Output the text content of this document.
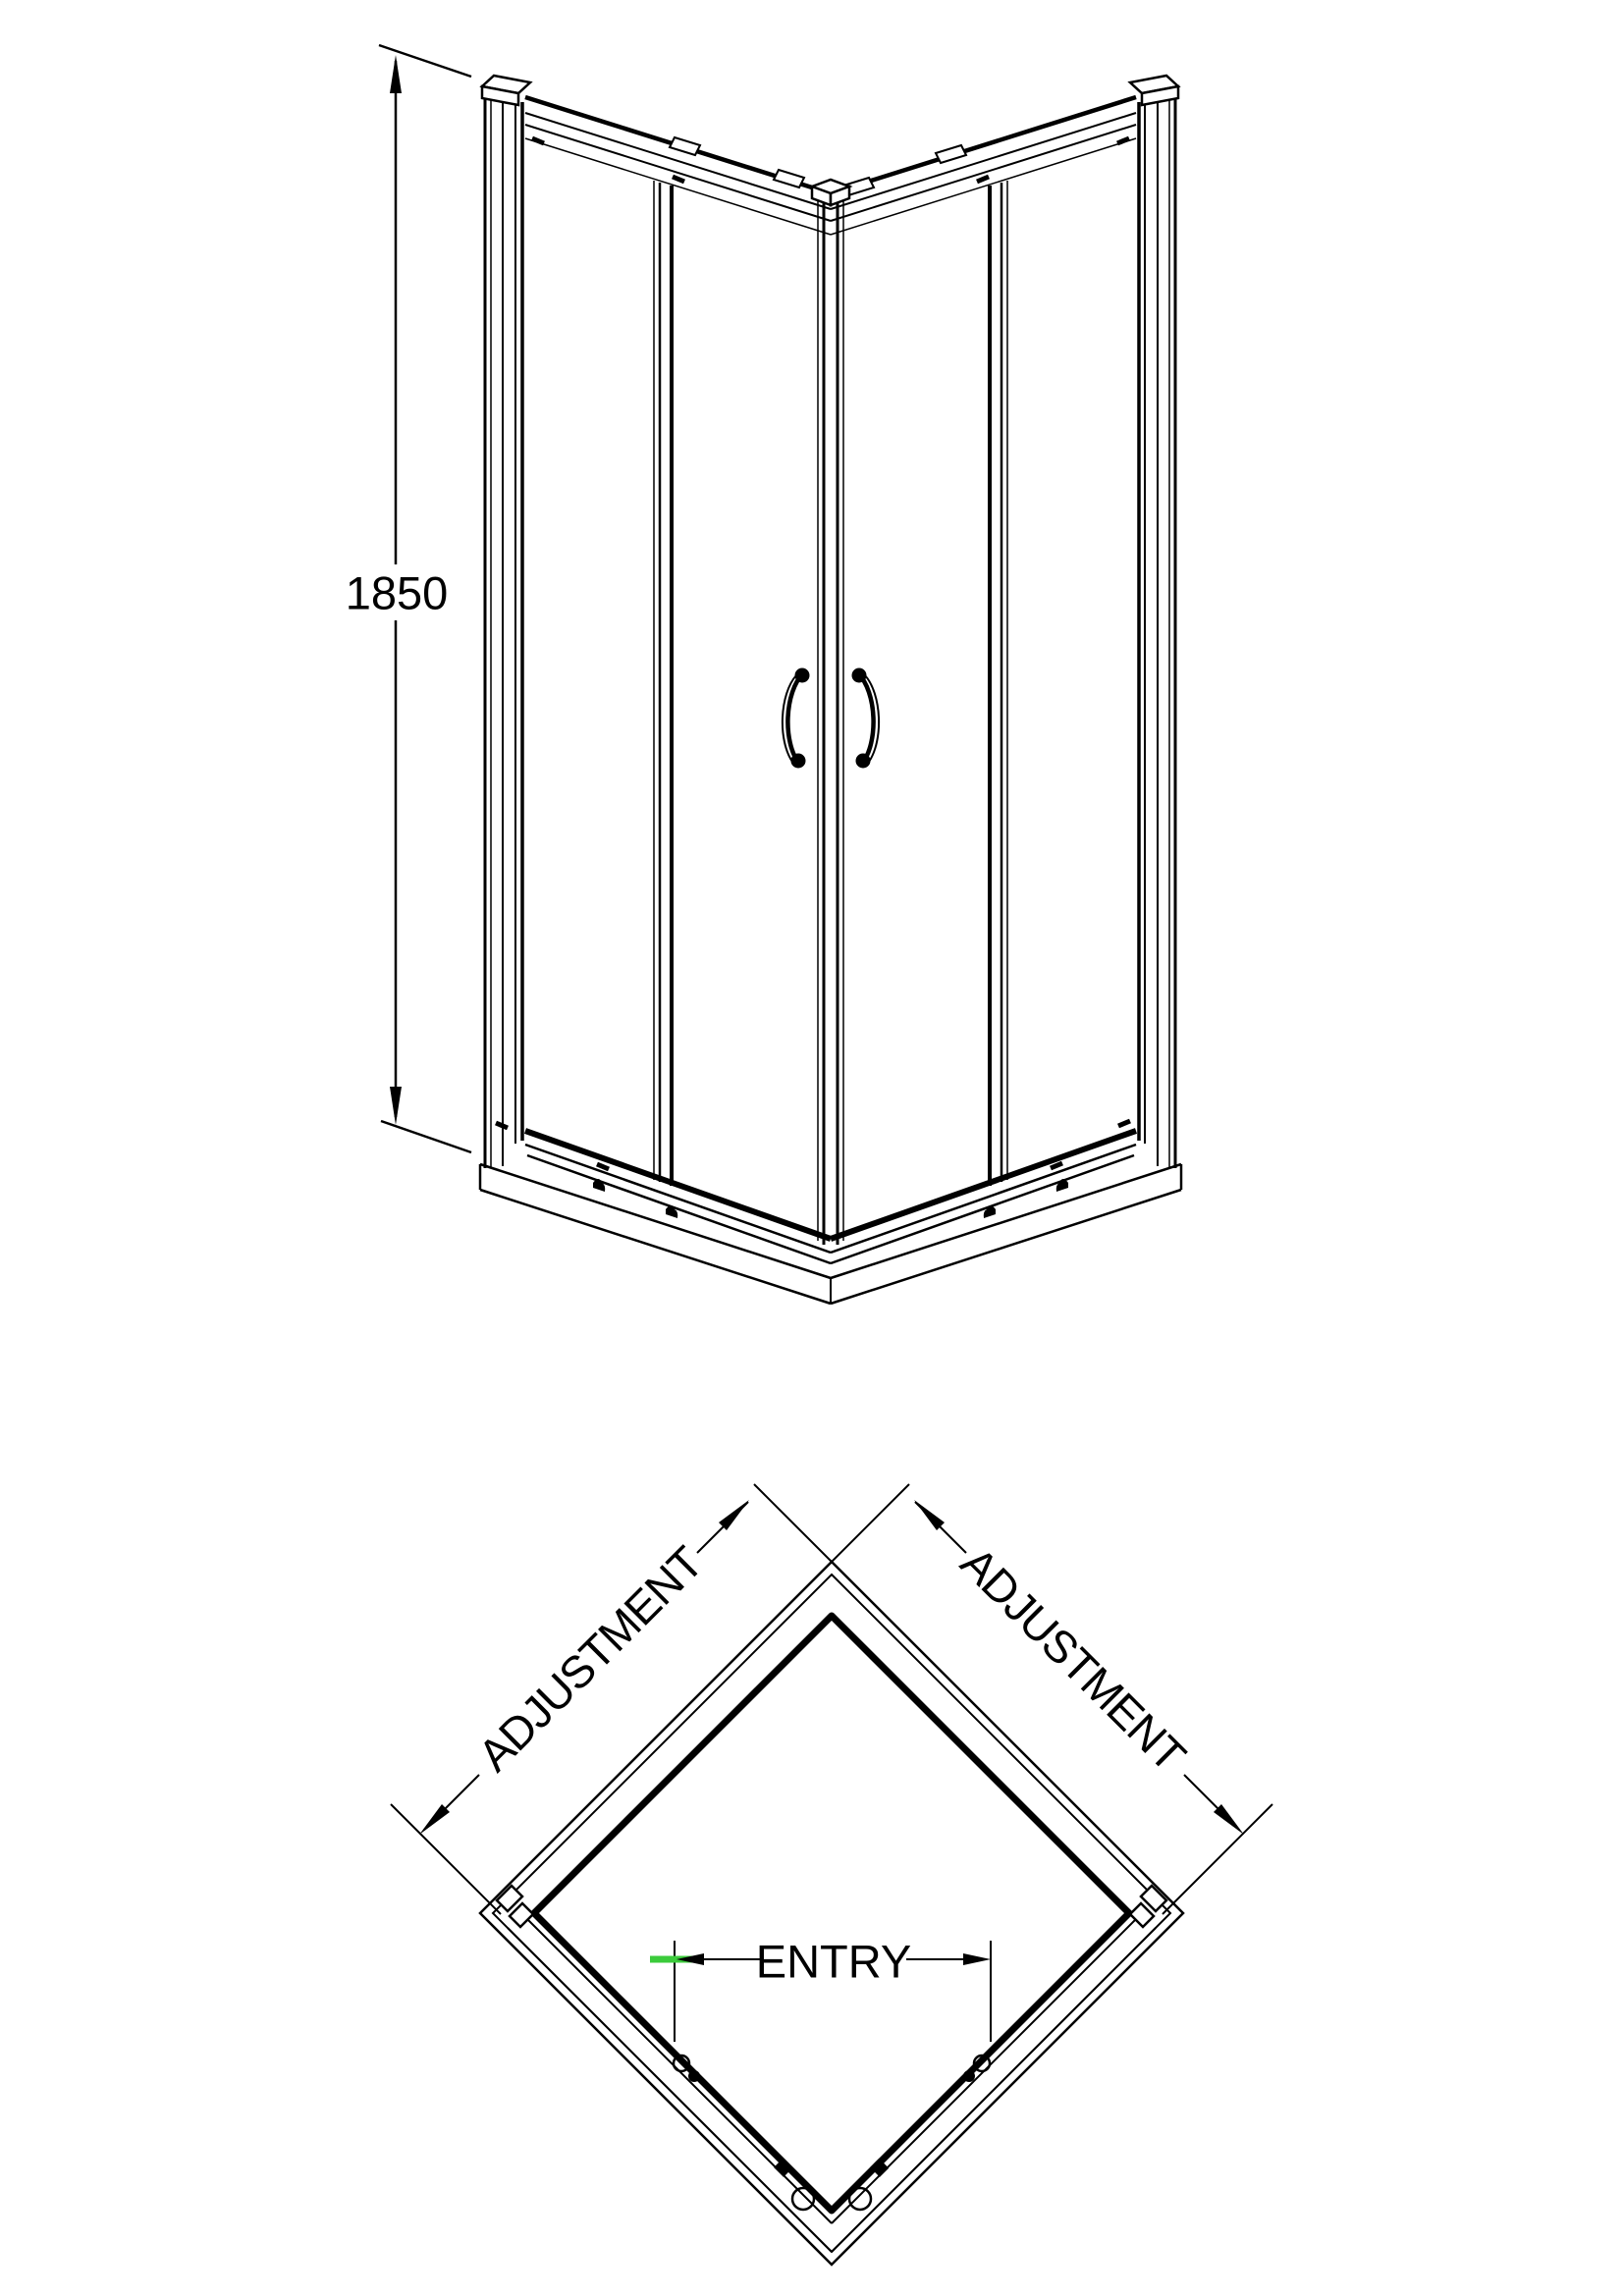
1850
ADJUSTMENT	ADJUSTMENT
ENTRY
